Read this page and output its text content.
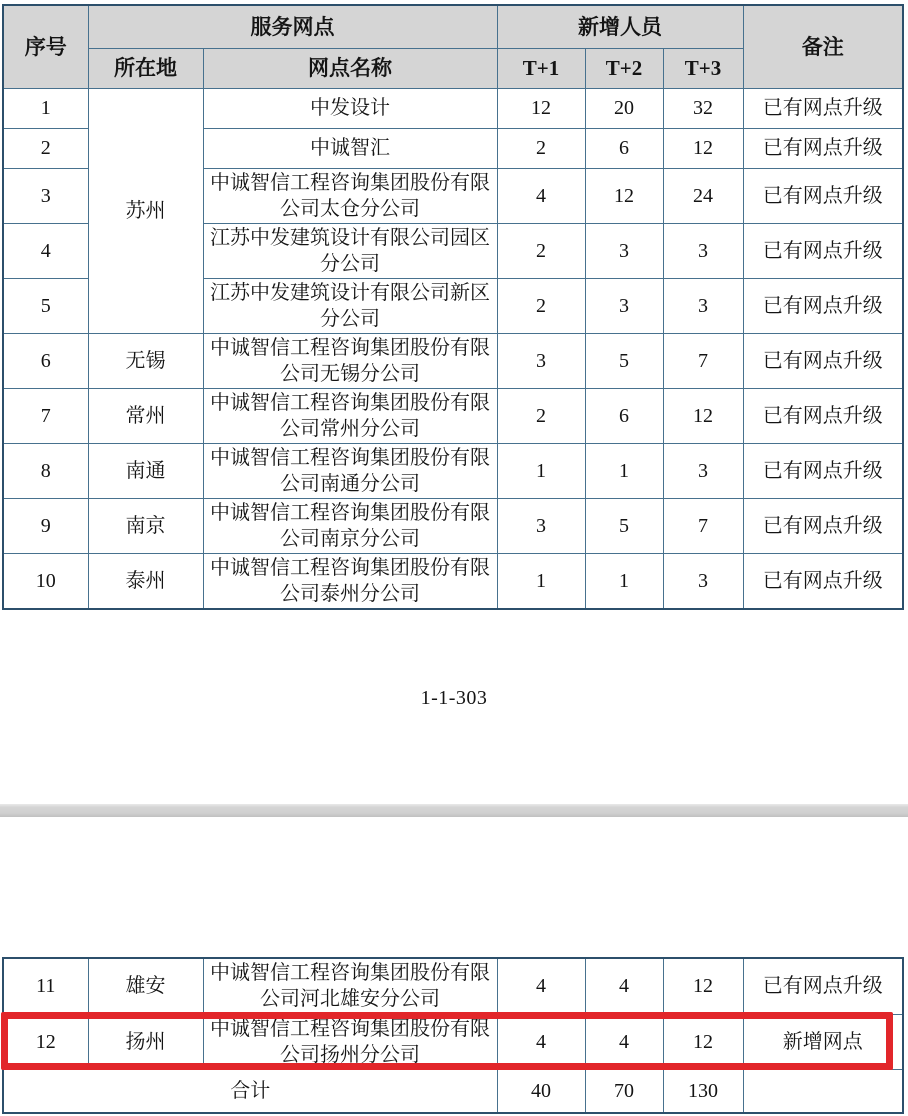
序号	服务网点		新增人员			备注
	所在地	网点名称	T+1	T+2	T+3	
1	苏州	中发设计	12	20	32	已有网点升级
2		中诚智汇	2	6	12	已有网点升级
3		中诚智信工程咨询集团股份有限公司太仓分公司	4	12	24	已有网点升级
4		江苏中发建筑设计有限公司园区分公司	2	3	3	已有网点升级
5		江苏中发建筑设计有限公司新区分公司	2	3	3	已有网点升级
6	无锡	中诚智信工程咨询集团股份有限公司无锡分公司	3	5	7	已有网点升级
7	常州	中诚智信工程咨询集团股份有限公司常州分公司	2	6	12	已有网点升级
8	南通	中诚智信工程咨询集团股份有限公司南通分公司	1	1	3	已有网点升级
9	南京	中诚智信工程咨询集团股份有限公司南京分公司	3	5	7	已有网点升级
10	泰州	中诚智信工程咨询集团股份有限公司泰州分公司	1	1	3	已有网点升级
1-1-303
11	雄安	中诚智信工程咨询集团股份有限公司河北雄安分公司	4	4	12	已有网点升级
12	扬州	中诚智信工程咨询集团股份有限公司扬州分公司	4	4	12	新增网点
合计			40	70	130	
